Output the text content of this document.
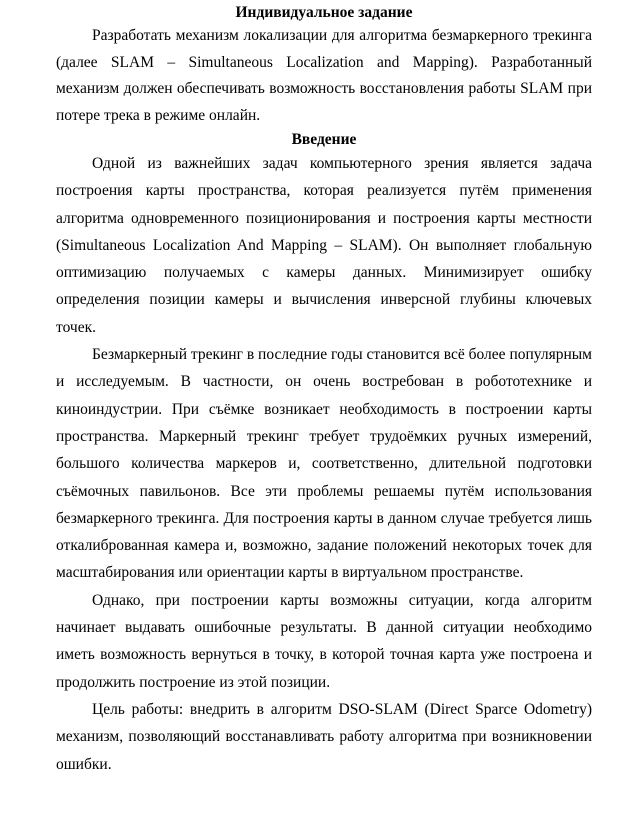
Индивидуальное задание

Разработать механизм локализации для алгоритма безмаркерного трекинга (далее SLAM – Simultaneous Localization and Mapping). Разработанный механизм должен обеспечивать возможность восстановления работы SLAM при потере трека в режиме онлайн.

Введение

Одной из важнейших задач компьютерного зрения является задача построения карты пространства, которая реализуется путём применения алгоритма одновременного позиционирования и построения карты местности (Simultaneous Localization And Mapping – SLAM). Он выполняет глобальную оптимизацию получаемых с камеры данных. Минимизирует ошибку определения позиции камеры и вычисления инверсной глубины ключевых точек.

Безмаркерный трекинг в последние годы становится всё более популярным и исследуемым. В частности, он очень востребован в робототехнике и киноиндустрии. При съёмке возникает необходимость в построении карты пространства. Маркерный трекинг требует трудоёмких ручных измерений, большого количества маркеров и, соответственно, длительной подготовки съёмочных павильонов. Все эти проблемы решаемы путём использования безмаркерного трекинга. Для построения карты в данном случае требуется лишь откалиброванная камера и, возможно, задание положений некоторых точек для масштабирования или ориентации карты в виртуальном пространстве.

Однако, при построении карты возможны ситуации, когда алгоритм начинает выдавать ошибочные результаты. В данной ситуации необходимо иметь возможность вернуться в точку, в которой точная карта уже построена и продолжить построение из этой позиции.

Цель работы: внедрить в алгоритм DSO-SLAM (Direct Sparce Odometry) механизм, позволяющий восстанавливать работу алгоритма при возникновении ошибки.
